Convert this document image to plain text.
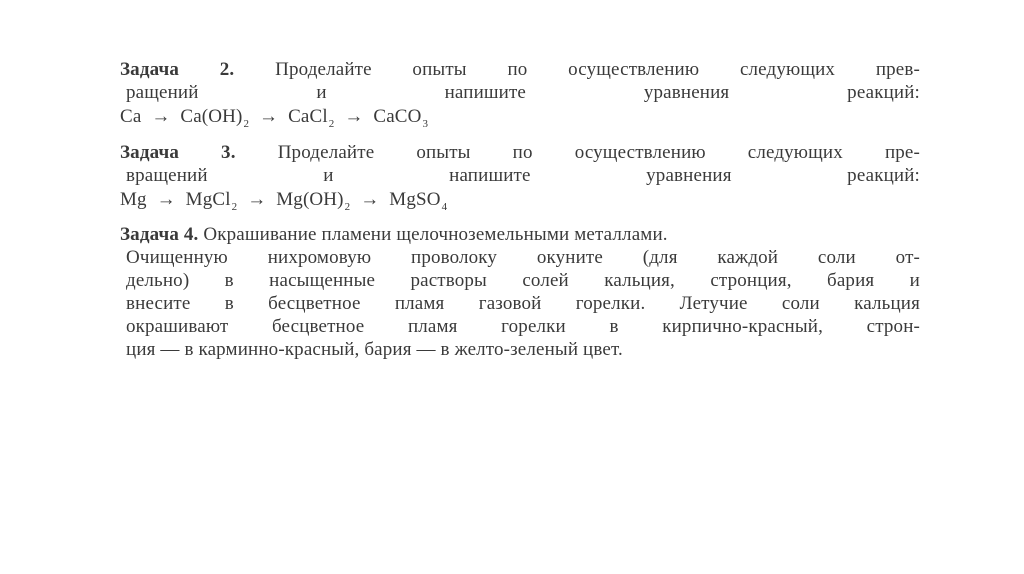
Задача 2. Проделайте опыты по осуществлению следующих прев-
ращений и напишите уравнения реакций:
$Ca \to Ca(OH)_2$ → CaCl$_2$ → CaCO$_3$
Задача 3. Проделайте опыты по осуществлению следующих пре-
вращений и напишите уравнения реакций:
Mg → MgCl$_2$ → $Mg(OH)_2$ → MgSO$_4$
Задача 4. Окрашивание пламени щелочноземельными металлами.
Очищенную нихромовую проволоку окуните (для каждой соли от-
дельно) в насыщенные растворы солей кальция, стронция, бария и
внесите в бесцветное пламя газовой горелки. Летучие соли кальция
окрашивают бесцветное пламя горелки в кирпично-красный, строн-
ция — в карминно-красный, бария — в желто-зеленый цвет.
